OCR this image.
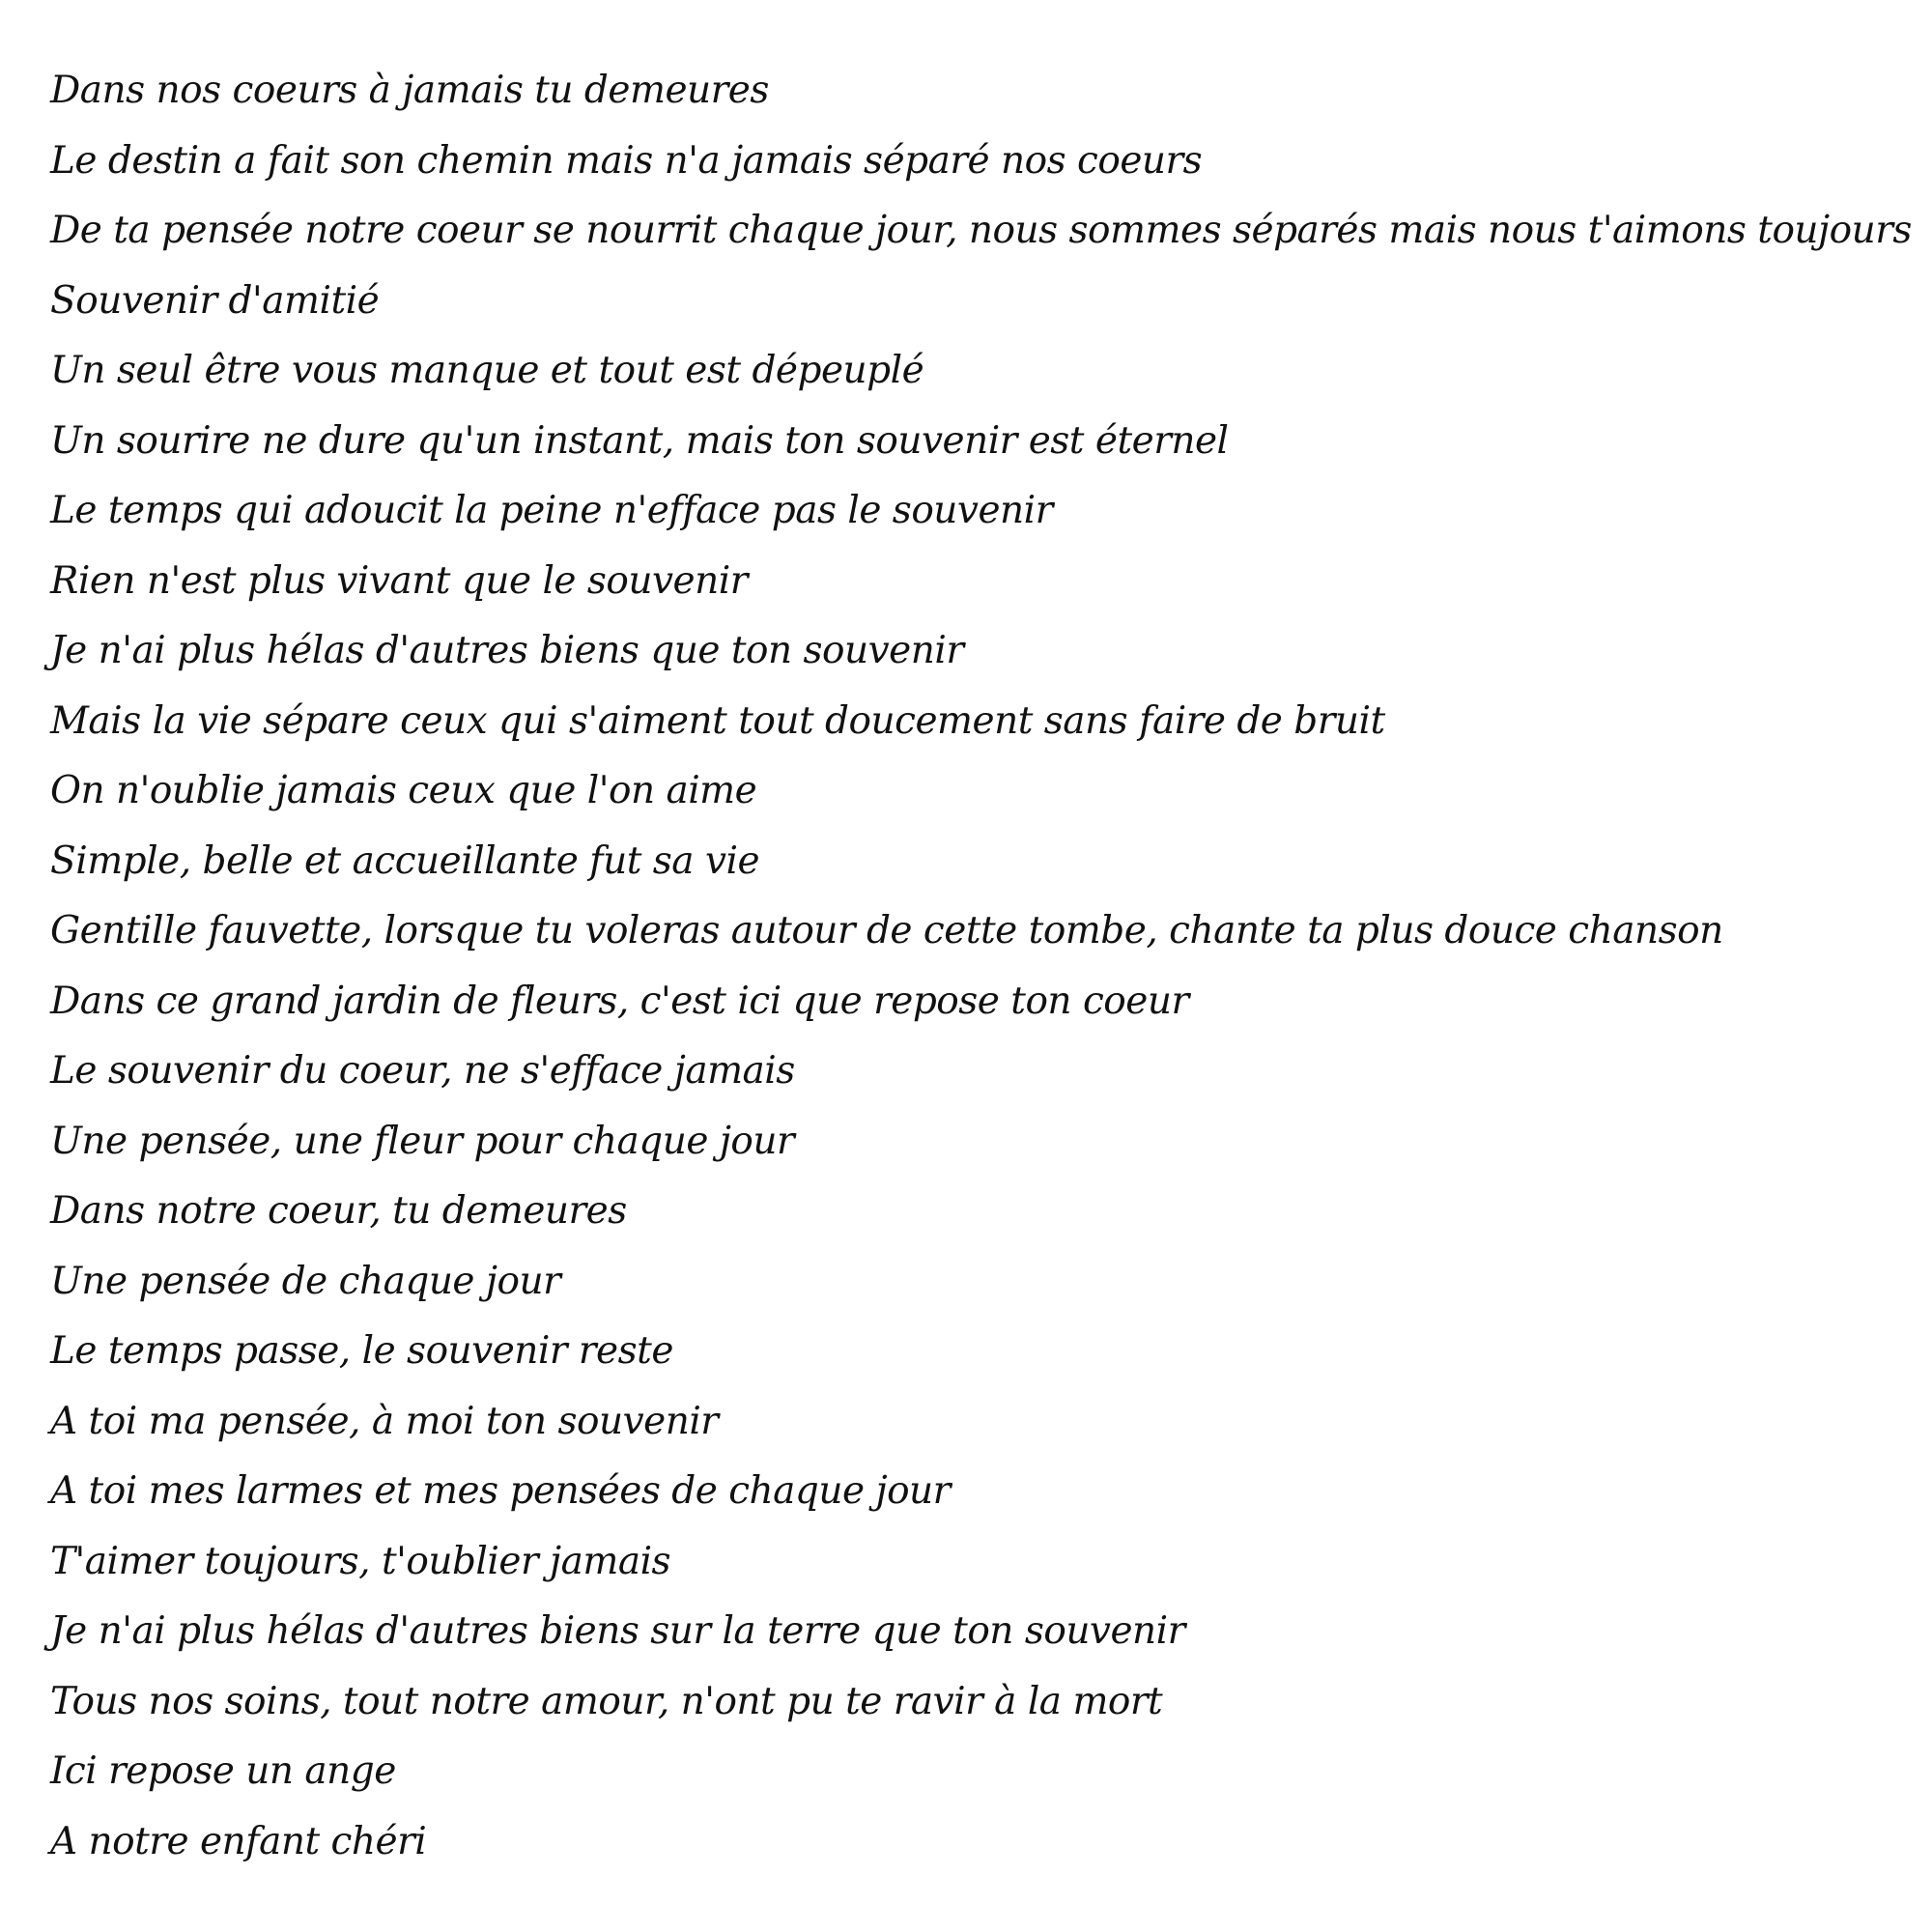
Dans nos coeurs à jamais tu demeures
Le destin a fait son chemin mais n'a jamais séparé nos coeurs
De ta pensée notre coeur se nourrit chaque jour, nous sommes séparés mais nous t'aimons toujours
Souvenir d'amitié
Un seul être vous manque et tout est dépeuplé
Un sourire ne dure qu'un instant, mais ton souvenir est éternel
Le temps qui adoucit la peine n'efface pas le souvenir
Rien n'est plus vivant que le souvenir
Je n'ai plus hélas d'autres biens que ton souvenir
Mais la vie sépare ceux qui s'aiment tout doucement sans faire de bruit
On n'oublie jamais ceux que l'on aime
Simple, belle et accueillante fut sa vie
Gentille fauvette, lorsque tu voleras autour de cette tombe, chante ta plus douce chanson
Dans ce grand jardin de fleurs, c'est ici que repose ton coeur
Le souvenir du coeur, ne s'efface jamais
Une pensée, une fleur pour chaque jour
Dans notre coeur, tu demeures
Une pensée de chaque jour
Le temps passe, le souvenir reste
A toi ma pensée, à moi ton souvenir
A toi mes larmes et mes pensées de chaque jour
T'aimer toujours, t'oublier jamais
Je n'ai plus hélas d'autres biens sur la terre que ton souvenir
Tous nos soins, tout notre amour, n'ont pu te ravir à la mort
Ici repose un ange
A notre enfant chéri
